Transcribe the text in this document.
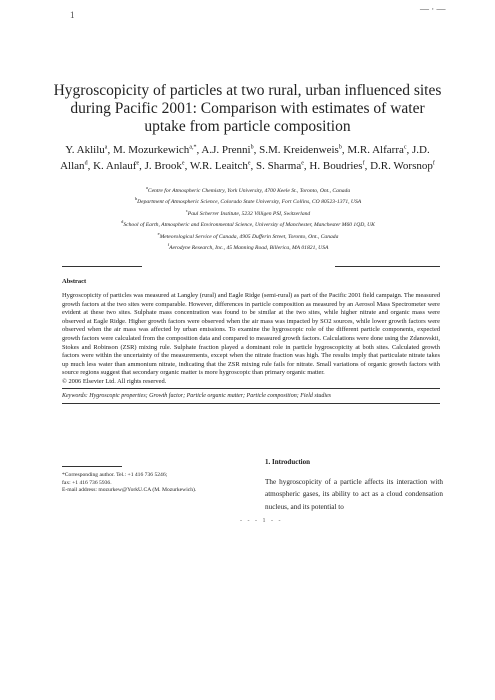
1
— · —
Hygroscopicity of particles at two rural, urban influenced sites during Pacific 2001: Comparison with estimates of water uptake from particle composition
Y. Aklilu$^a$, M. Mozurkewich$^{a,*}$, A.J. Prenni$^b$, S.M. Kreidenweis$^b$, M.R. Alfarra$^c$, J.D. Allan$^d$, K. Anlauf$^e$, J. Brook$^e$, W.R. Leaitch$^e$, S. Sharma$^e$, H. Boudries$^f$, D.R. Worsnop$^f$
$^a$Centre for Atmospheric Chemistry, York University, 4700 Keele St., Toronto, Ont., Canada
$^b$Department of Atmospheric Science, Colorado State University, Fort Collins, CO 80523-1371, USA
$^c$Paul Scherrer Institute, 5232 Villigen PSI, Switzerland
$^d$School of Earth, Atmospheric and Environmental Science, University of Manchester, Manchester M60 1QD, UK
$^e$Meteorological Service of Canada, 4905 Dufferin Street, Toronto, Ont., Canada
$^f$Aerodyne Research, Inc., 45 Manning Road, Billerica, MA 01821, USA
Abstract
Hygroscopicity of particles was measured at Langley (rural) and Eagle Ridge (semi-rural) as part of the Pacific 2001 field campaign. The measured growth factors at the two sites were comparable. However, differences in particle composition as measured by an Aerosol Mass Spectrometer were evident at these two sites. Sulphate mass concentration was found to be similar at the two sites, while higher nitrate and organic mass were observed at Eagle Ridge. Higher growth factors were observed when the air mass was impacted by SO2 sources, while lower growth factors were observed when the air mass was affected by urban emissions. To examine the hygroscopic role of the different particle components, expected growth factors were calculated from the composition data and compared to measured growth factors. Calculations were done using the Zdanovskii, Stokes and Robinson (ZSR) mixing rule. Sulphate fraction played a dominant role in particle hygroscopicity at both sites. Calculated growth factors were within the uncertainty of the measurements, except when the nitrate fraction was high. The results imply that particulate nitrate takes up much less water than ammonium nitrate, indicating that the ZSR mixing rule fails for nitrate. Small variations of organic growth factors with source regions suggest that secondary organic matter is more hygroscopic than primary organic matter.
© 2006 Elsevier Ltd. All rights reserved.
Keywords: Hygroscopic properties; Growth factor; Particle organic matter; Particle composition; Field studies
*Corresponding author. Tel.: +1 416 736 5246;
fax: +1 416 736 5936.
E-mail address: mozurkew@YorkU.CA (M. Mozurkewich).
1. Introduction
The hygroscopicity of a particle affects its interaction with atmospheric gases, its ability to act as a cloud condensation nucleus, and its potential to
- - - 1 - -
